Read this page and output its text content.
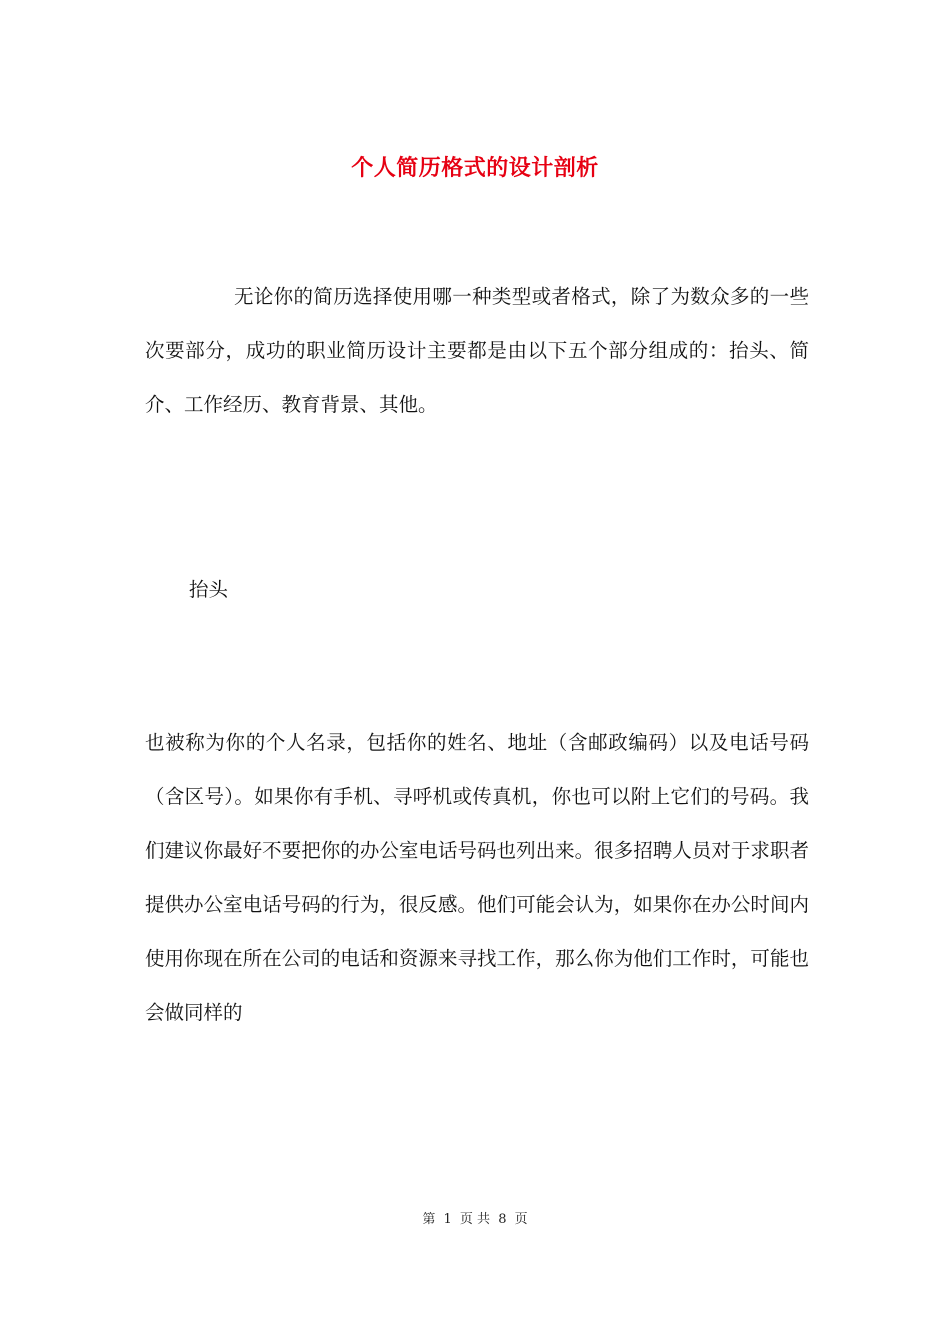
个人简历格式的设计剖析

无论你的简历选择使用哪一种类型或者格式，除了为数众多的一些次要部分，成功的职业简历设计主要都是由以下五个部分组成的：抬头、简介、工作经历、教育背景、其他。

抬头

也被称为你的个人名录，包括你的姓名、地址（含邮政编码）以及电话号码（含区号）。如果你有手机、寻呼机或传真机，你也可以附上它们的号码。我们建议你最好不要把你的办公室电话号码也列出来。很多招聘人员对于求职者提供办公室电话号码的行为，很反感。他们可能会认为，如果你在办公时间内使用你现在所在公司的电话和资源来寻找工作，那么你为他们工作时，可能也会做同样的

第 1 页 共 8 页
